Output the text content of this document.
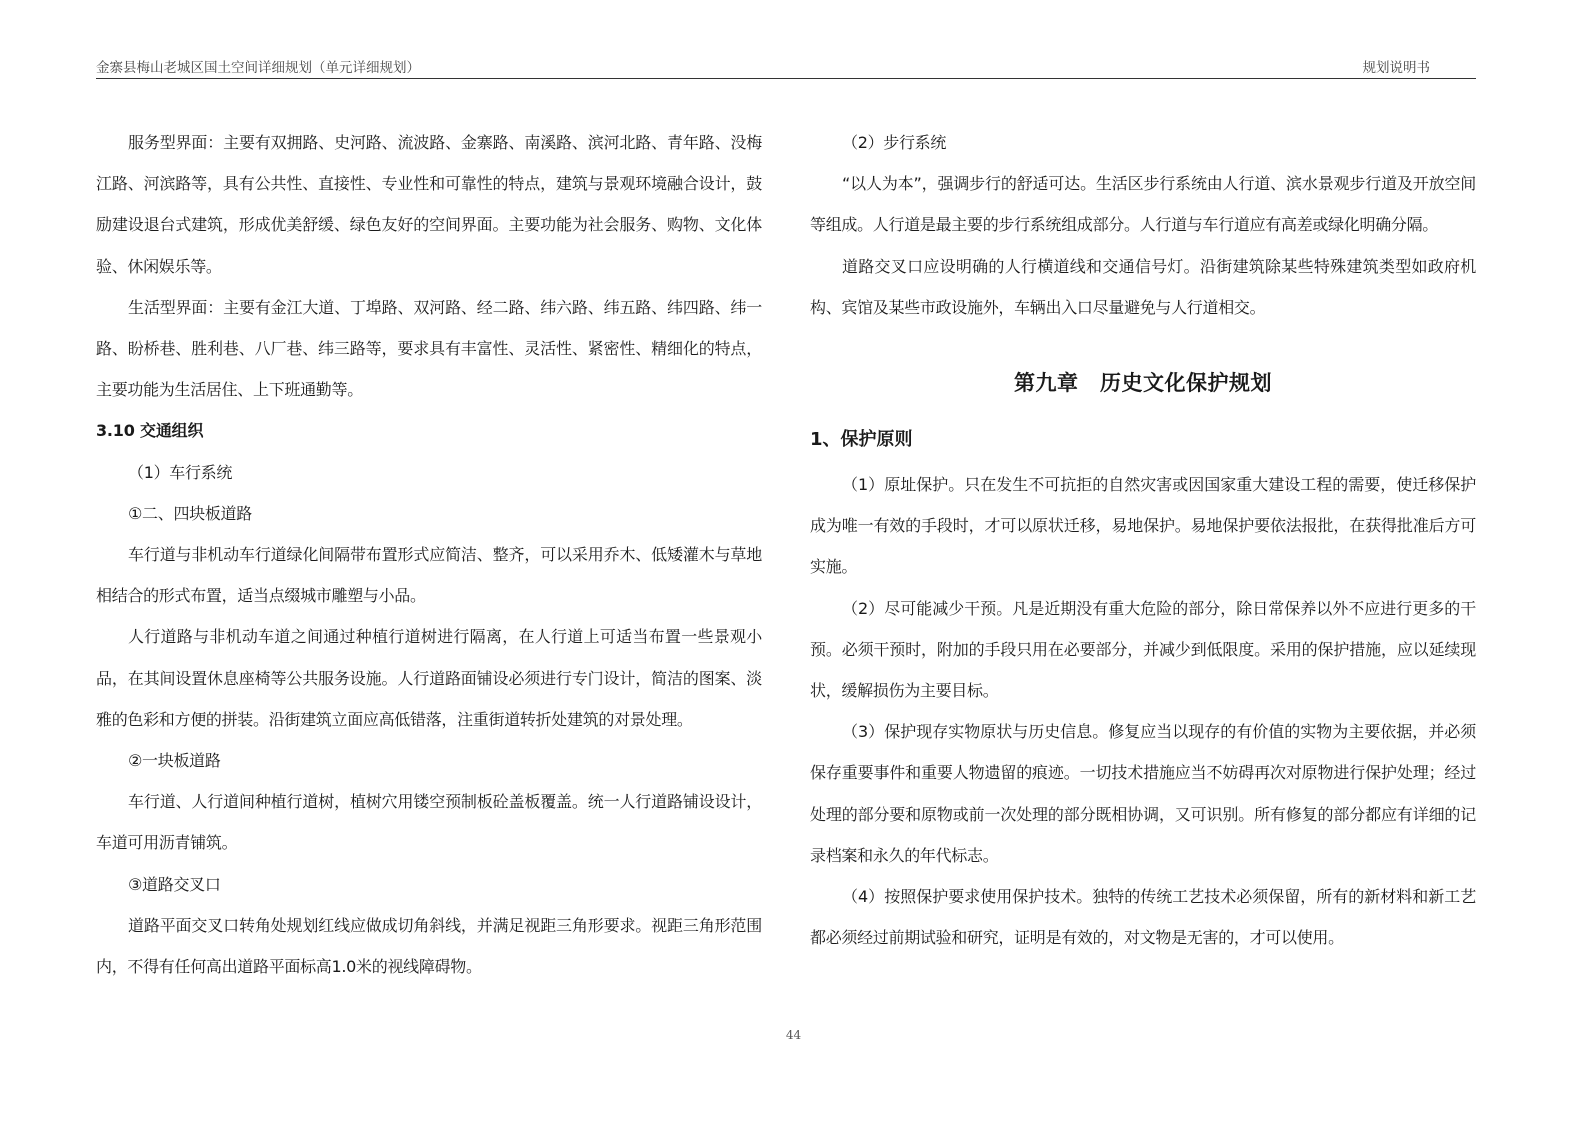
金寨县梅山老城区国土空间详细规划（单元详细规划）	规划说明书

服务型界面：主要有双拥路、史河路、流波路、金寨路、南溪路、滨河北路、青年路、没梅江路、河滨路等，具有公共性、直接性、专业性和可靠性的特点，建筑与景观环境融合设计，鼓励建设退台式建筑，形成优美舒缓、绿色友好的空间界面。主要功能为社会服务、购物、文化体验、休闲娱乐等。

生活型界面：主要有金江大道、丁埠路、双河路、经二路、纬六路、纬五路、纬四路、纬一路、盼桥巷、胜利巷、八厂巷、纬三路等，要求具有丰富性、灵活性、紧密性、精细化的特点，主要功能为生活居住、上下班通勤等。

3.10 交通组织

（1）车行系统

①二、四块板道路

车行道与非机动车行道绿化间隔带布置形式应简洁、整齐，可以采用乔木、低矮灌木与草地相结合的形式布置，适当点缀城市雕塑与小品。

人行道路与非机动车道之间通过种植行道树进行隔离，在人行道上可适当布置一些景观小品，在其间设置休息座椅等公共服务设施。人行道路面铺设必须进行专门设计，简洁的图案、淡雅的色彩和方便的拼装。沿街建筑立面应高低错落，注重街道转折处建筑的对景处理。

②一块板道路

车行道、人行道间种植行道树，植树穴用镂空预制板砼盖板覆盖。统一人行道路铺设设计，车道可用沥青铺筑。

③道路交叉口

道路平面交叉口转角处规划红线应做成切角斜线，并满足视距三角形要求。视距三角形范围内，不得有任何高出道路平面标高1.0米的视线障碍物。

（2）步行系统

“以人为本”，强调步行的舒适可达。生活区步行系统由人行道、滨水景观步行道及开放空间等组成。人行道是最主要的步行系统组成部分。人行道与车行道应有高差或绿化明确分隔。

道路交叉口应设明确的人行横道线和交通信号灯。沿街建筑除某些特殊建筑类型如政府机构、宾馆及某些市政设施外，车辆出入口尽量避免与人行道相交。

第九章　历史文化保护规划

1、保护原则

（1）原址保护。只在发生不可抗拒的自然灾害或因国家重大建设工程的需要，使迁移保护成为唯一有效的手段时，才可以原状迁移，易地保护。易地保护要依法报批，在获得批准后方可实施。

（2）尽可能减少干预。凡是近期没有重大危险的部分，除日常保养以外不应进行更多的干预。必须干预时，附加的手段只用在必要部分，并减少到低限度。采用的保护措施，应以延续现状，缓解损伤为主要目标。

（3）保护现存实物原状与历史信息。修复应当以现存的有价值的实物为主要依据，并必须保存重要事件和重要人物遗留的痕迹。一切技术措施应当不妨碍再次对原物进行保护处理；经过处理的部分要和原物或前一次处理的部分既相协调，又可识别。所有修复的部分都应有详细的记录档案和永久的年代标志。

（4）按照保护要求使用保护技术。独特的传统工艺技术必须保留，所有的新材料和新工艺都必须经过前期试验和研究，证明是有效的，对文物是无害的，才可以使用。

44
